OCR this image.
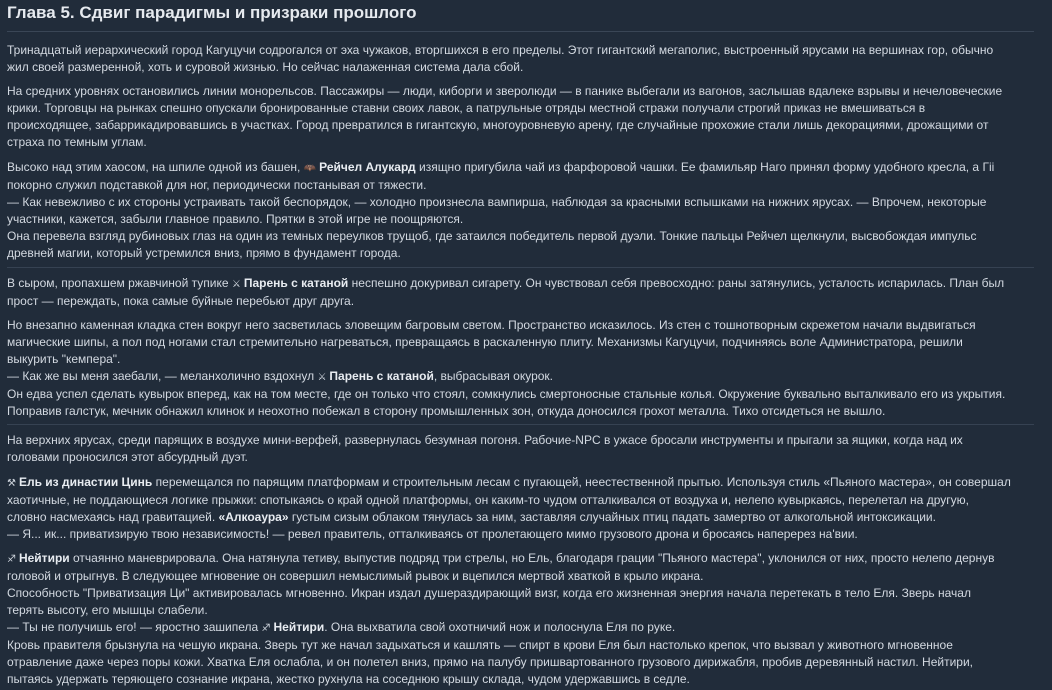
Глава 5. Сдвиг парадигмы и призраки прошлого

Тринадцатый иерархический город Кагуцучи содрогался от эха чужаков, вторгшихся в его пределы. Этот гигантский мегаполис, выстроенный ярусами на вершинах гор, обычно

жил своей размеренной, хоть и суровой жизнью. Но сейчас налаженная система дала сбой.

На средних уровнях остановились линии монорельсов. Пассажиры — люди, киборги и зверолюди — в панике выбегали из вагонов, заслышав вдалеке взрывы и нечеловеческие

крики. Торговцы на рынках спешно опускали бронированные ставни своих лавок, а патрульные отряды местной стражи получали строгий приказ не вмешиваться в

происходящее, забаррикадировавшись в участках. Город превратился в гигантскую, многоуровневую арену, где случайные прохожие стали лишь декорациями, дрожащими от

страха по темным углам.

Высоко над этим хаосом, на шпиле одной из башен, 🦇 Рейчел Алукард изящно пригубила чай из фарфоровой чашки. Ее фамильяр Наго принял форму удобного кресла, а Гii

покорно служил подставкой для ног, периодически постанывая от тяжести.

— Как невежливо с их стороны устраивать такой беспорядок, — холодно произнесла вампирша, наблюдая за красными вспышками на нижних ярусах. — Впрочем, некоторые

участники, кажется, забыли главное правило. Прятки в этой игре не поощряются.

Она перевела взгляд рубиновых глаз на один из темных переулков трущоб, где затаился победитель первой дуэли. Тонкие пальцы Рейчел щелкнули, высвобождая импульс

древней магии, который устремился вниз, прямо в фундамент города.

В сыром, пропахшем ржавчиной тупике ⚔ Парень с катаной неспешно докуривал сигарету. Он чувствовал себя превосходно: раны затянулись, усталость испарилась. План был

прост — переждать, пока самые буйные перебьют друг друга.

Но внезапно каменная кладка стен вокруг него засветилась зловещим багровым светом. Пространство исказилось. Из стен с тошнотворным скрежетом начали выдвигаться

магические шипы, а пол под ногами стал стремительно нагреваться, превращаясь в раскаленную плиту. Механизмы Кагуцучи, подчиняясь воле Администратора, решили

выкурить "кемпера".

— Как же вы меня заебали, — меланхолично вздохнул ⚔ Парень с катаной, выбрасывая окурок.

Он едва успел сделать кувырок вперед, как на том месте, где он только что стоял, сомкнулись смертоносные стальные колья. Окружение буквально выталкивало его из укрытия.

Поправив галстук, мечник обнажил клинок и неохотно побежал в сторону промышленных зон, откуда доносился грохот металла. Тихо отсидеться не вышло.

На верхних ярусах, среди парящих в воздухе мини-верфей, развернулась безумная погоня. Рабочие-NPC в ужасе бросали инструменты и прыгали за ящики, когда над их

головами проносился этот абсурдный дуэт.

⚒ Ель из династии Цинь перемещался по парящим платформам и строительным лесам с пугающей, неестественной прытью. Используя стиль «Пьяного мастера», он совершал

хаотичные, не поддающиеся логике прыжки: спотыкаясь о край одной платформы, он каким-то чудом отталкивался от воздуха и, нелепо кувыркаясь, перелетал на другую,

словно насмехаясь над гравитацией. «Алкоаура» густым сизым облаком тянулась за ним, заставляя случайных птиц падать замертво от алкогольной интоксикации.

— Я... ик... приватизирую твою независимость! — ревел правитель, отталкиваясь от пролетающего мимо грузового дрона и бросаясь наперерез на'вии.

♐ Нейтири отчаянно маневрировала. Она натянула тетиву, выпустив подряд три стрелы, но Ель, благодаря грации "Пьяного мастера", уклонился от них, просто нелепо дернув

головой и отрыгнув. В следующее мгновение он совершил немыслимый рывок и вцепился мертвой хваткой в крыло икрана.

Способность "Приватизация Ци" активировалась мгновенно. Икран издал душераздирающий визг, когда его жизненная энергия начала перетекать в тело Еля. Зверь начал

терять высоту, его мышцы слабели.

— Ты не получишь его! — яростно зашипела ♐ Нейтири. Она выхватила свой охотничий нож и полоснула Еля по руке.

Кровь правителя брызнула на чешую икрана. Зверь тут же начал задыхаться и кашлять — спирт в крови Еля был настолько крепок, что вызвал у животного мгновенное

отравление даже через поры кожи. Хватка Еля ослабла, и он полетел вниз, прямо на палубу пришвартованного грузового дирижабля, пробив деревянный настил. Нейтири,

пытаясь удержать теряющего сознание икрана, жестко рухнула на соседнюю крышу склада, чудом удержавшись в седле.
